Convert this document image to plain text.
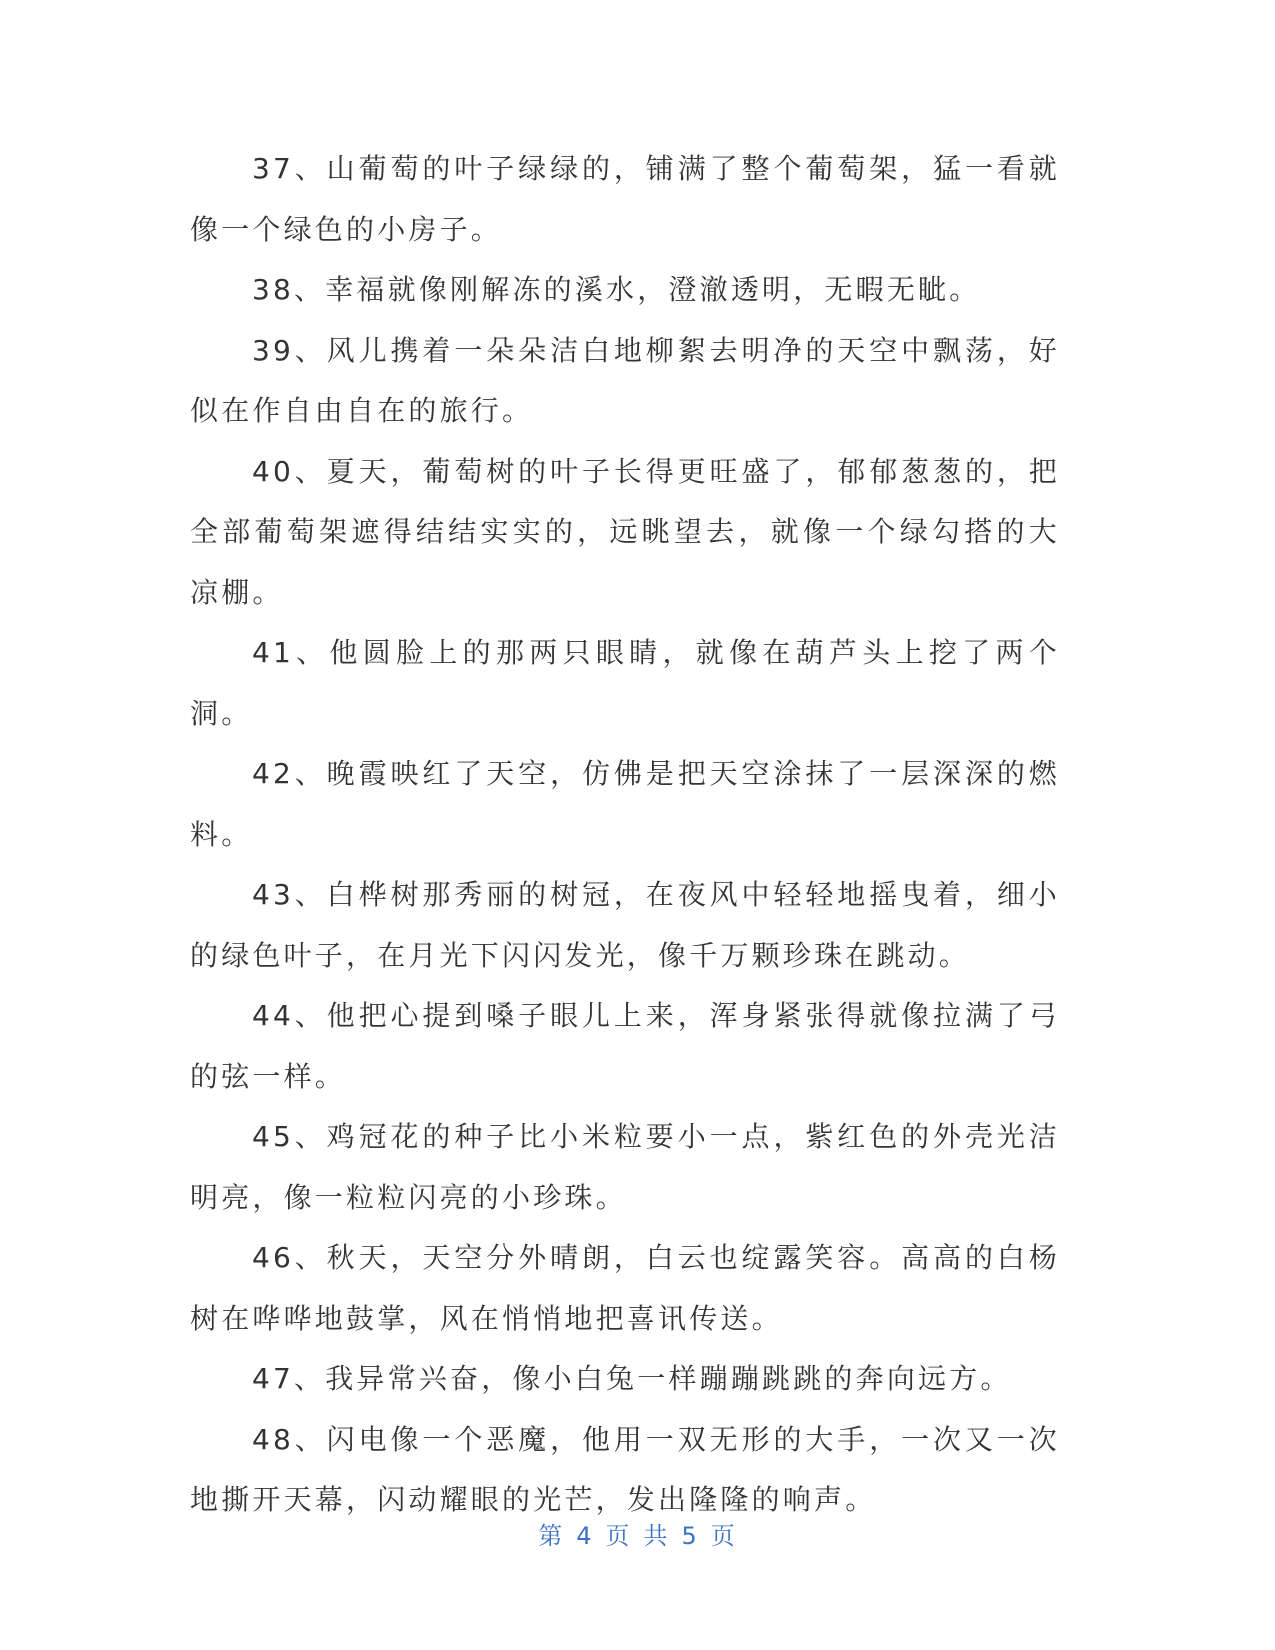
37、山葡萄的叶子绿绿的，铺满了整个葡萄架，猛一看就像一个绿色的小房子。

38、幸福就像刚解冻的溪水，澄澈透明，无暇无眦。

39、风儿携着一朵朵洁白地柳絮去明净的天空中飘荡，好似在作自由自在的旅行。

40、夏天，葡萄树的叶子长得更旺盛了，郁郁葱葱的，把全部葡萄架遮得结结实实的，远眺望去，就像一个绿勾搭的大凉棚。

41、他圆脸上的那两只眼睛，就像在葫芦头上挖了两个洞。

42、晚霞映红了天空，仿佛是把天空涂抹了一层深深的燃料。

43、白桦树那秀丽的树冠，在夜风中轻轻地摇曳着，细小的绿色叶子，在月光下闪闪发光，像千万颗珍珠在跳动。

44、他把心提到嗓子眼儿上来，浑身紧张得就像拉满了弓的弦一样。

45、鸡冠花的种子比小米粒要小一点，紫红色的外壳光洁明亮，像一粒粒闪亮的小珍珠。

46、秋天，天空分外晴朗，白云也绽露笑容。高高的白杨树在哗哗地鼓掌，风在悄悄地把喜讯传送。

47、我异常兴奋，像小白兔一样蹦蹦跳跳的奔向远方。

48、闪电像一个恶魔，他用一双无形的大手，一次又一次地撕开天幕，闪动耀眼的光芒，发出隆隆的响声。

第 4 页 共 5 页
